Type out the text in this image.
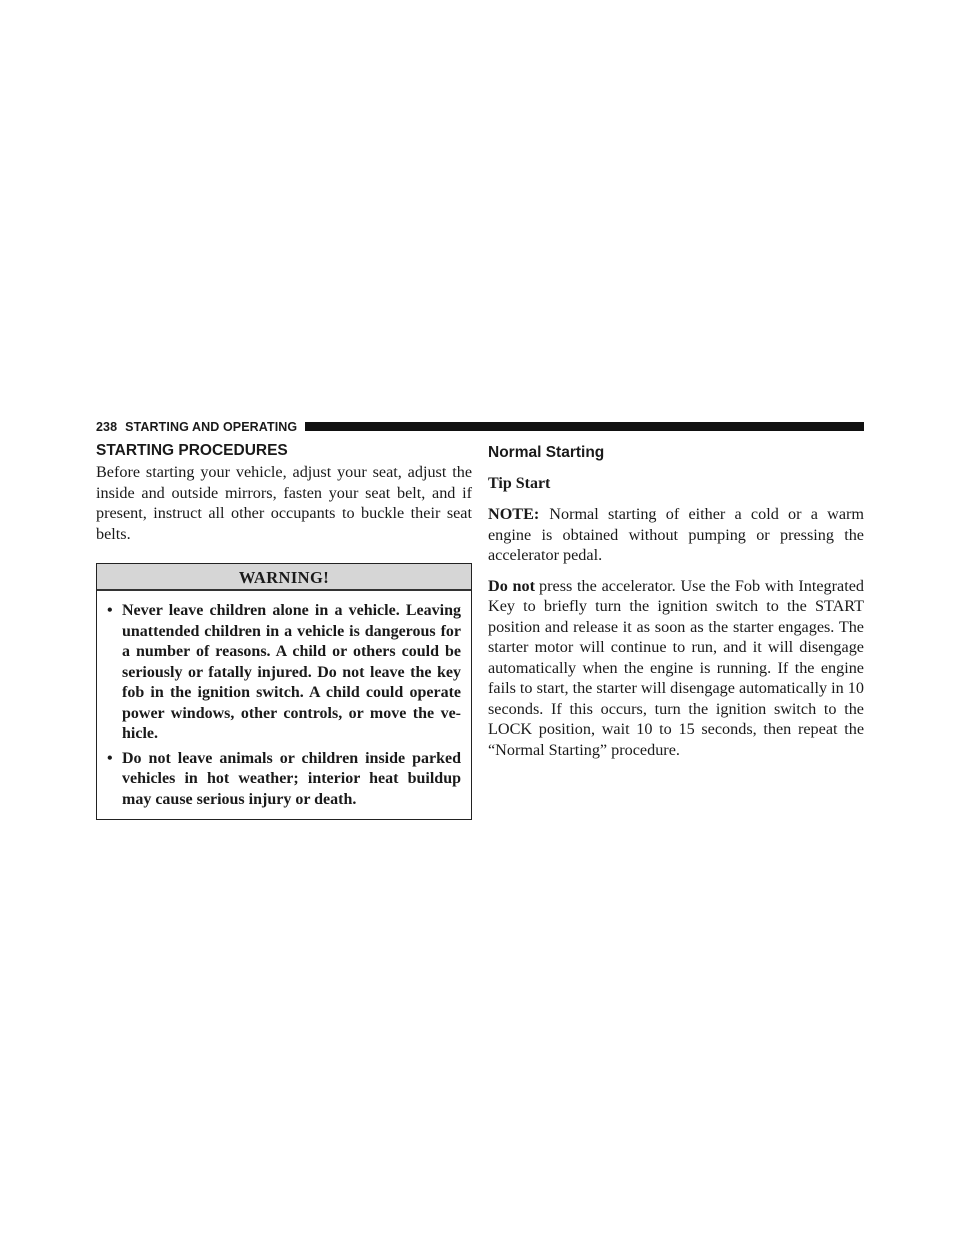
238 STARTING AND OPERATING
STARTING PROCEDURES

Before starting your vehicle, adjust your seat, adjust the inside and outside mirrors, fasten your seat belt, and if present, instruct all other occupants to buckle their seat belts.

WARNING!
• Never leave children alone in a vehicle. Leaving unattended children in a vehicle is dangerous for a number of reasons. A child or others could be seriously or fatally injured. Do not leave the key fob in the ignition switch. A child could operate power windows, other controls, or move the vehicle.
• Do not leave animals or children inside parked vehicles in hot weather; interior heat buildup may cause serious injury or death.
Normal Starting
Tip Start

NOTE: Normal starting of either a cold or a warm engine is obtained without pumping or pressing the accelerator pedal.

Do not press the accelerator. Use the Fob with Integrated Key to briefly turn the ignition switch to the START position and release it as soon as the starter engages. The starter motor will continue to run, and it will disengage automatically when the engine is running. If the engine fails to start, the starter will disengage automatically in 10 seconds. If this occurs, turn the ignition switch to the LOCK position, wait 10 to 15 seconds, then repeat the “Normal Starting” procedure.
